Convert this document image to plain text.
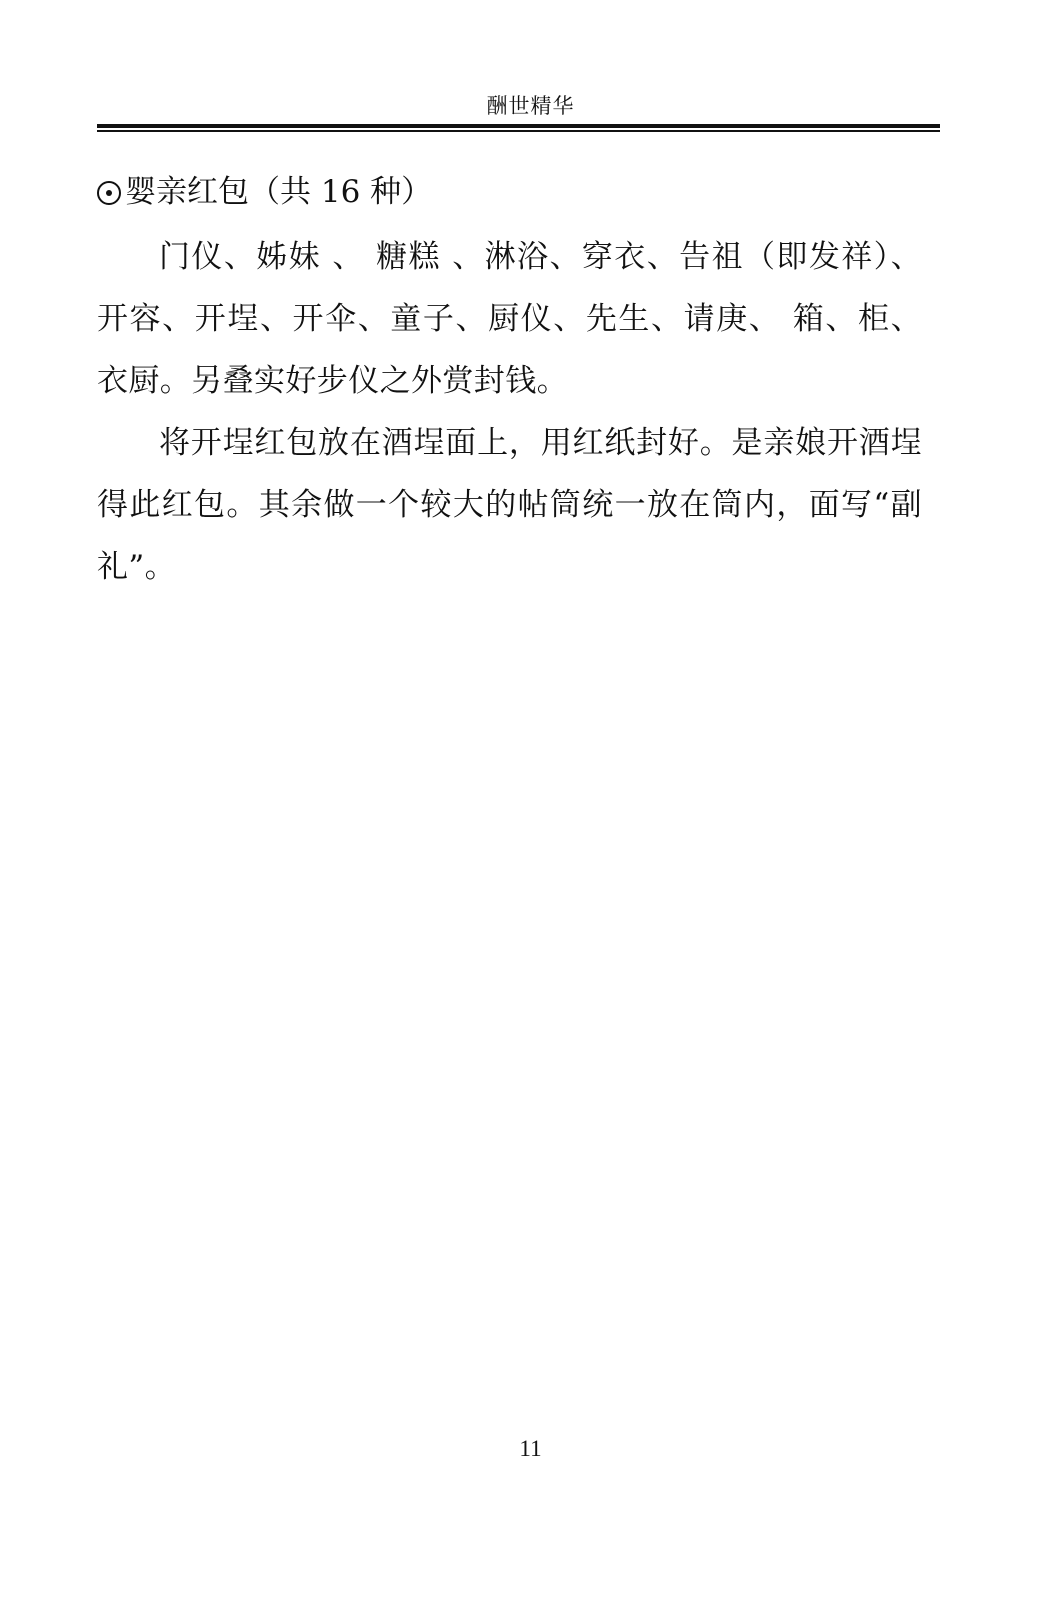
酬世精华
婴亲红包（共 16 种）

门仪、姊妹 、 糖糕 、淋浴、穿衣、告祖（即发祥）、开容、开埕、开伞、童子、厨仪、先生、请庚、 箱、柜、衣厨。另叠实好步仪之外赏封钱。

将开埕红包放在酒埕面上，用红纸封好。是亲娘开酒埕得此红包。其余做一个较大的帖筒统一放在筒内，面写“副礼”。

11
